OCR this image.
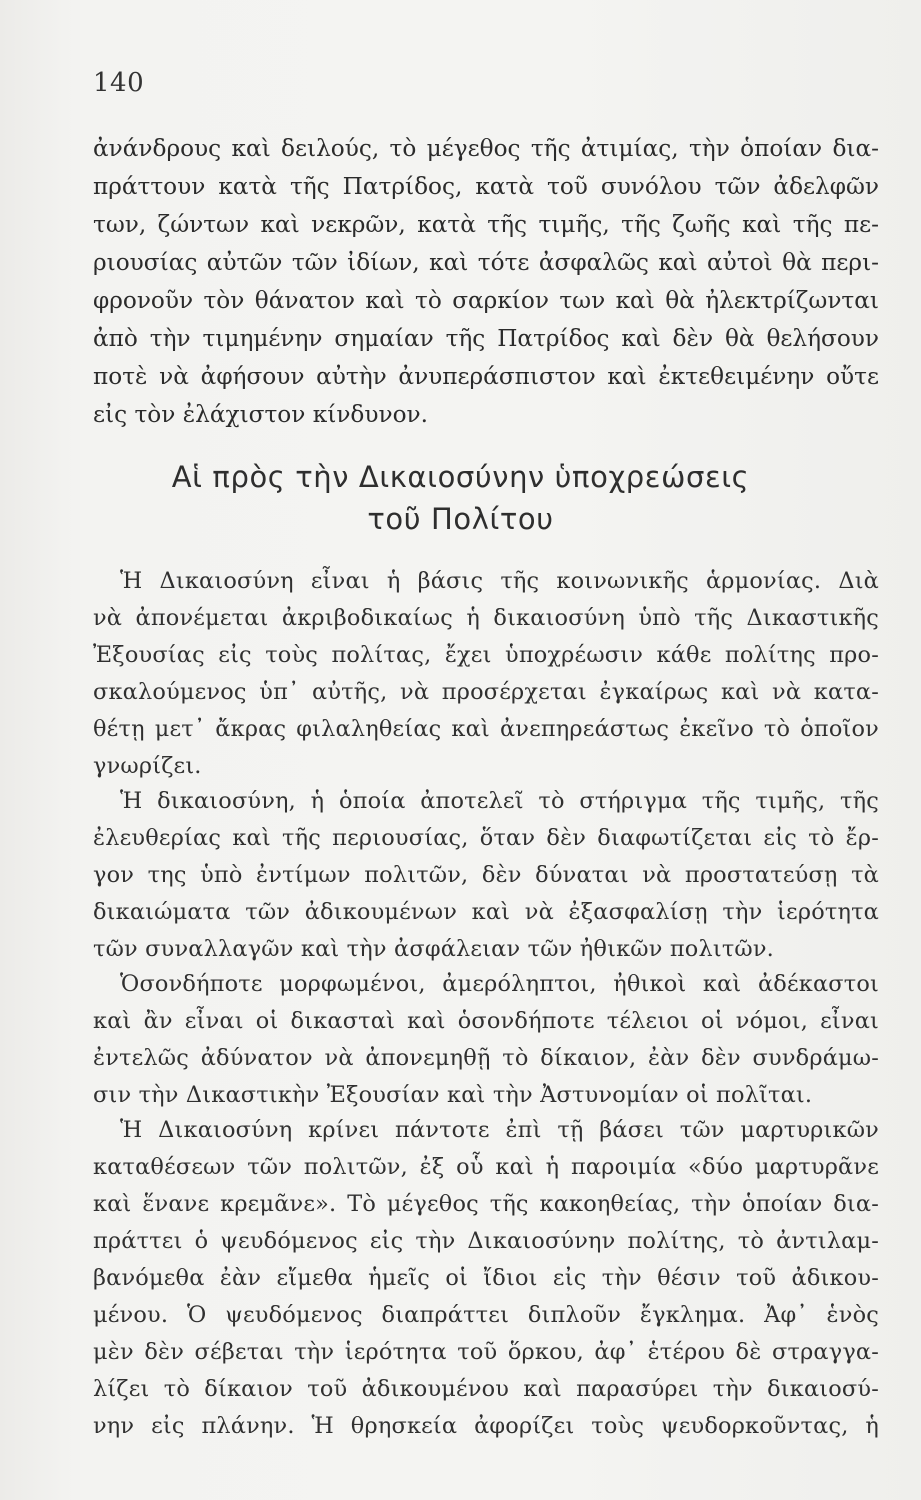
140
ἀνάνδρους καὶ δειλούς, τὸ μέγεθος τῆς ἀτιμίας, τὴν ὁποίαν δια-
πράττουν κατὰ τῆς Πατρίδος, κατὰ τοῦ συνόλου τῶν ἀδελφῶν
των, ζώντων καὶ νεκρῶν, κατὰ τῆς τιμῆς, τῆς ζωῆς καὶ τῆς πε-
ριουσίας αὐτῶν τῶν ἰδίων, καὶ τότε ἀσφαλῶς καὶ αὐτοὶ θὰ περι-
φρονοῦν τὸν θάνατον καὶ τὸ σαρκίον των καὶ θὰ ἠλεκτρίζωνται
ἀπὸ τὴν τιμημένην σημαίαν τῆς Πατρίδος καὶ δὲν θὰ θελήσουν
ποτὲ νὰ ἀφήσουν αὐτὴν ἀνυπεράσπιστον καὶ ἐκτεθειμένην οὔτε
εἰς τὸν ἐλάχιστον κίνδυνον.
Αἱ πρὸς τὴν Δικαιοσύνην ὑποχρεώσεις
τοῦ Πολίτου
Ἡ Δικαιοσύνη εἶναι ἡ βάσις τῆς κοινωνικῆς ἁρμονίας. Διὰ
νὰ ἀπονέμεται ἀκριβοδικαίως ἡ δικαιοσύνη ὑπὸ τῆς Δικαστικῆς
Ἐξουσίας εἰς τοὺς πολίτας, ἔχει ὑποχρέωσιν κάθε πολίτης προ-
σκαλούμενος ὑπ᾽ αὐτῆς, νὰ προσέρχεται ἐγκαίρως καὶ νὰ κατα-
θέτῃ μετ᾽ ἄκρας φιλαληθείας καὶ ἀνεπηρεάστως ἐκεῖνο τὸ ὁποῖον
γνωρίζει.
Ἡ δικαιοσύνη, ἡ ὁποία ἀποτελεῖ τὸ στήριγμα τῆς τιμῆς, τῆς
ἐλευθερίας καὶ τῆς περιουσίας, ὅταν δὲν διαφωτίζεται εἰς τὸ ἔρ-
γον της ὑπὸ ἐντίμων πολιτῶν, δὲν δύναται νὰ προστατεύσῃ τὰ
δικαιώματα τῶν ἀδικουμένων καὶ νὰ ἐξασφαλίσῃ τὴν ἱερότητα
τῶν συναλλαγῶν καὶ τὴν ἀσφάλειαν τῶν ἠθικῶν πολιτῶν.
Ὁσονδήποτε μορφωμένοι, ἀμερόληπτοι, ἠθικοὶ καὶ ἀδέκαστοι
καὶ ἂν εἶναι οἱ δικασταὶ καὶ ὁσονδήποτε τέλειοι οἱ νόμοι, εἶναι
ἐντελῶς ἀδύνατον νὰ ἀπονεμηθῇ τὸ δίκαιον, ἐὰν δὲν συνδράμω-
σιν τὴν Δικαστικὴν Ἐξουσίαν καὶ τὴν Ἀστυνομίαν οἱ πολῖται.
Ἡ Δικαιοσύνη κρίνει πάντοτε ἐπὶ τῇ βάσει τῶν μαρτυρικῶν
καταθέσεων τῶν πολιτῶν, ἐξ οὗ καὶ ἡ παροιμία «δύο μαρτυρᾶνε
καὶ ἕνανε κρεμᾶνε». Τὸ μέγεθος τῆς κακοηθείας, τὴν ὁποίαν δια-
πράττει ὁ ψευδόμενος εἰς τὴν Δικαιοσύνην πολίτης, τὸ ἀντιλαμ-
βανόμεθα ἐὰν εἴμεθα ἡμεῖς οἱ ἴδιοι εἰς τὴν θέσιν τοῦ ἀδικου-
μένου. Ὁ ψευδόμενος διαπράττει διπλοῦν ἔγκλημα. Ἀφ᾽ ἑνὸς
μὲν δὲν σέβεται τὴν ἱερότητα τοῦ ὅρκου, ἀφ᾽ ἑτέρου δὲ στραγγα-
λίζει τὸ δίκαιον τοῦ ἀδικουμένου καὶ παρασύρει τὴν δικαιοσύ-
νην εἰς πλάνην. Ἡ θρησκεία ἀφορίζει τοὺς ψευδορκοῦντας, ἡ
